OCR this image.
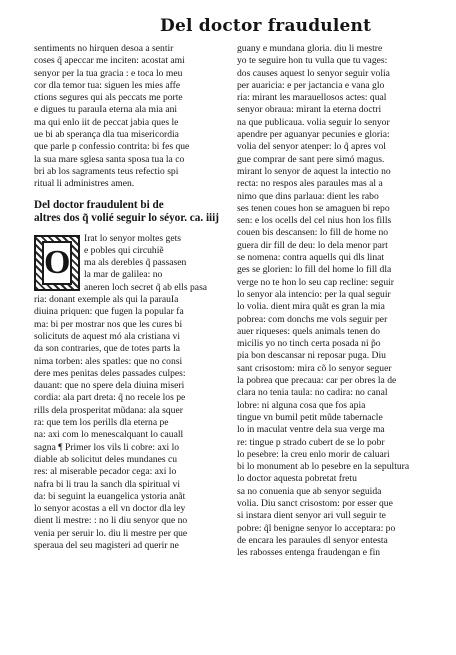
Del doctor fraudulent
sentiments no hirquen desoa a sentir
coses q̃ apeccar me inciten: acostat ami
senyor per la tua gracia : e toca lo meu
cor dla temor tua: siguen les mies affe
ctions segures qui als peccats me porte
e digues tu parauIa eterna ala mia ani
ma qui enlo iit de peccat jabia ques le
ue bi ab sperança dla tua misericordia
que parle p confessio contrita: bi fes que
la sua mare sglesa santa sposa tua la co
bri ab los sagraments teus refectio spi
ritual li administres amen.
Del doctor fraudulent bi de
altres dos q̃ volié seguir lo séyor. ca. iiij
O
Irat lo senyor moltes gets
e pobles qui circuhiẽ
ma als derebles q̃ passasen
la mar de galilea: no
aneren loch secret q̃ ab ells pasa
ria: donant exemple als qui la parauIa
diuina priquen: que fugen la popular fa
ma: bi per mostrar nos que les cures bi
solicituts de aquest mó ala cristiana vi
da son contraries, que de totes parts la
nima torben: ales spatles: que no consi
dere mes penitas deles passades culpes:
dauant: que no spere dela diuina miseri
cordia: ala part dreta: q̃ no recele los pe
rills dela prosperitat mũdana: ala squer
ra: que tem los perills dla eterna pe
na: axi com lo menescalquant lo cauall
sagna ¶ Primer los vils li cobre: axi lo
diable ab solicitut deles mundanes cu
res: al miserable pecador cega: axi lo
nafra bi li trau la sanch dla spiritual vi
da: bi seguint la euangelica ystoria anãt
lo senyor acostas a ell vn doctor dla ley
dient li mestre: : no li diu senyor que no
venia per seruir lo. diu li mestre per que
speraua del seu magisteri ad querir ne
guany e mundana gloria. diu li mestre
yo te seguire hon tu vulla que tu vages:
dos causes aquest lo senyor seguir volia
per auaricia: e per jactancia e vana glo
ria: mirant les marauellosos actes: qual
senyor obraua: mirant la eterna doctri
na que publicaua. volia seguir lo senyor
apendre per aguanyar pecunies e gloria:
volia del senyor atenper: lo q̃ apres vol
gue comprar de sant pere simó magus.
mirant lo senyor de aquest la intectio no
recta: no respos ales paraules mas al a
nimo que dins parlaua: dient les rabo
ses tenen coues hon se amaguen bi repo
sen: e los ocells del cel nius hon los fills
couen bis descansen: lo fill de home no
guera dir fill de deu: lo dela menor part
se nomena: contra aquells qui dls linat
ges se glorien: lo fill del home lo fill dla
verge no te hon lo seu cap recline: seguir
lo senyor ala intencio: per la qual seguir
lo volia. dient mira quãt es gran la mia
pobrea: com donchs me vols seguir per
auer riqueses: quels animals tenen do
micilis yo no tinch certa posada ni p̃o
pia bon descansar ni reposar puga. Diu
sant crisostom: mira cõ lo senyor seguer
la pobrea que precaua: car per obres la de
clara no tenia taula: no cadira: no canal
lobre: ni alguna cosa que fos apia
tingue vn bumil petit mũde tabernacle
lo in maculat ventre dela sua verge ma
re: tingue p strado cubert de se lo pobr
lo pesebre: la creu enlo morir de caluari
bi lo monument ab lo pesebre en la sepultura
lo doctor aquesta pobretat fretu
sa no conuenia que ab senyor seguida
volia. Diu sanct crisostom: por esser que
si instara dient senyor ari vull seguir te
pobre: q̃l benigne senyor lo acceptara: po
de encara les paraules dl senyor entesta
les rabosses entenga fraudengan e fin
